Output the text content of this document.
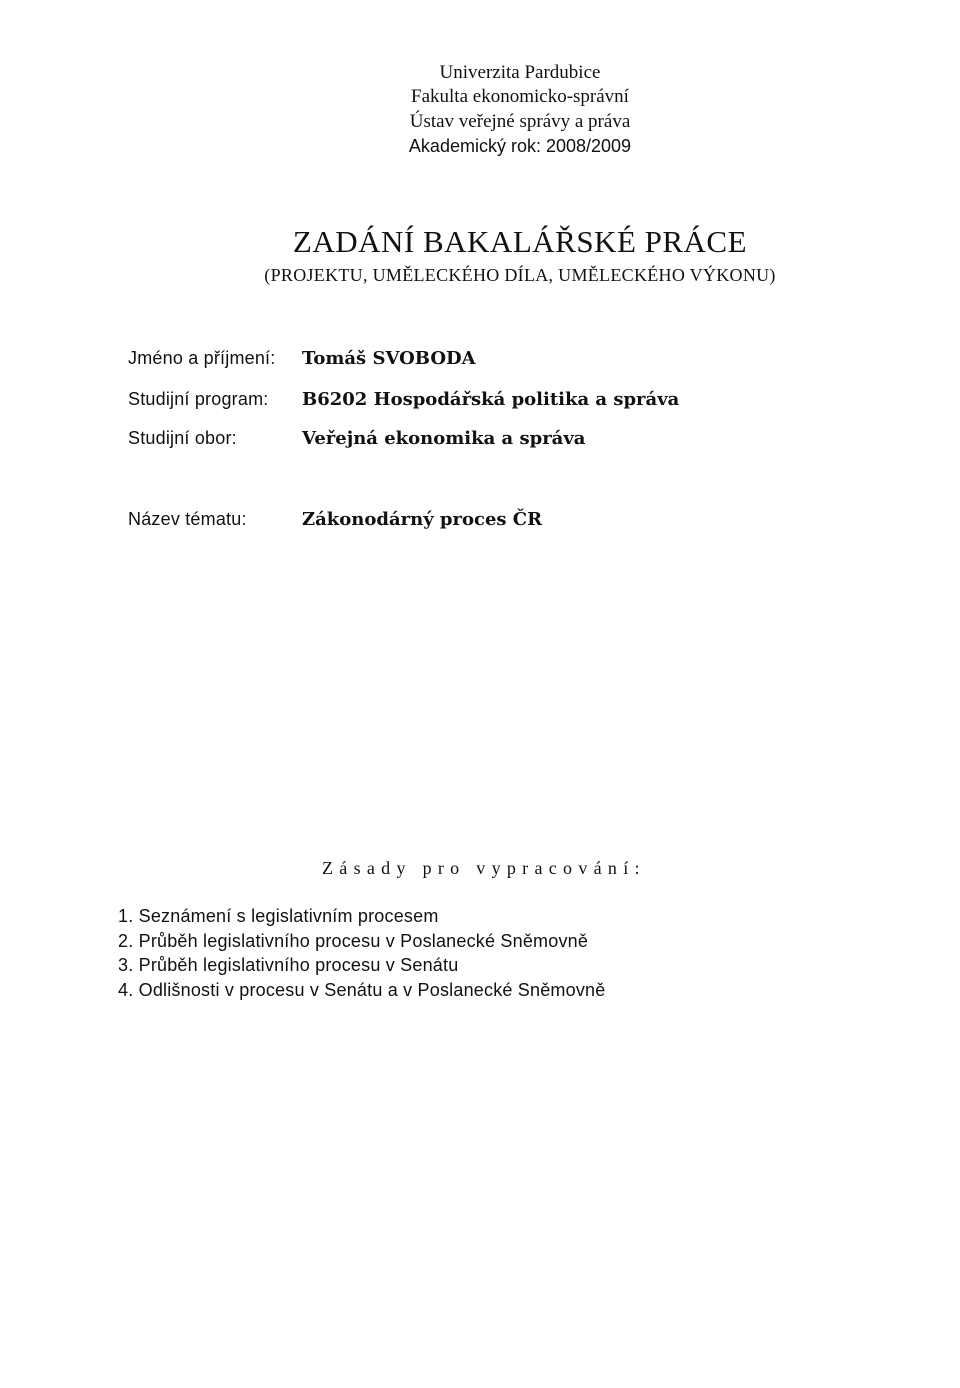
Univerzita Pardubice
Fakulta ekonomicko-správní
Ústav veřejné správy a práva
Akademický rok: 2008/2009
ZADÁNÍ BAKALÁŘSKÉ PRÁCE
(PROJEKTU, UMĚLECKÉHO DÍLA, UMĚLECKÉHO VÝKONU)
Jméno a příjmení: Tomáš SVOBODA
Studijní program: B6202 Hospodářská politika a správa
Studijní obor:	Veřejná ekonomika a správa
Název tématu:	Zákonodárný proces ČR
Zásady pro vypracování:
1. Seznámení s legislativním procesem
2. Průběh legislativního procesu v Poslanecké Sněmovně
3. Průběh legislativního procesu v Senátu
4. Odlišnosti v procesu v Senátu a v Poslanecké Sněmovně
